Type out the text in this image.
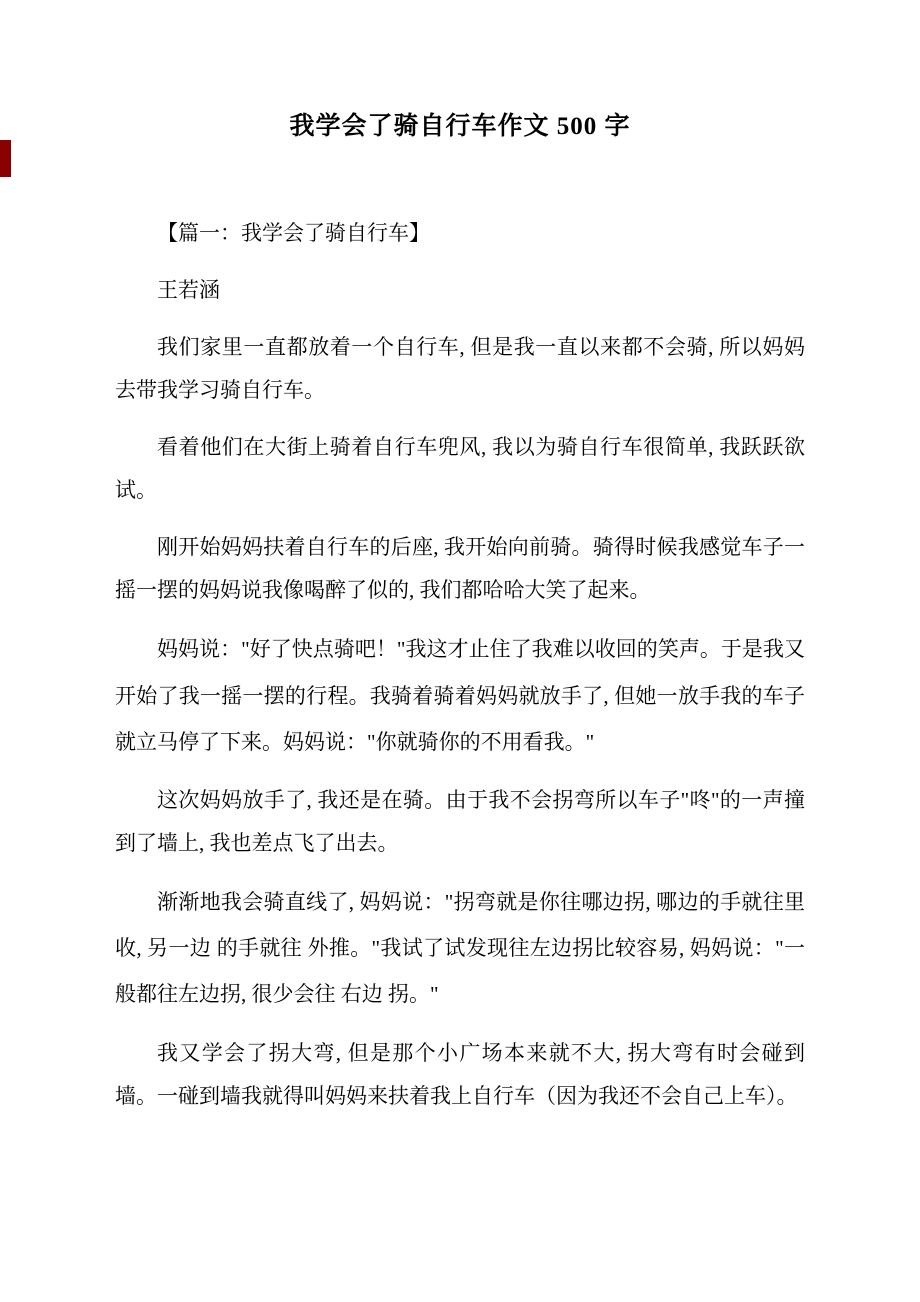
我学会了骑自行车作文 500 字

【篇一：我学会了骑自行车】

王若涵

我们家里一直都放着一个自行车, 但是我一直以来都不会骑, 所以妈妈去带我学习骑自行车。

看着他们在大街上骑着自行车兜风, 我以为骑自行车很简单, 我跃跃欲试。

刚开始妈妈扶着自行车的后座, 我开始向前骑。骑得时候我感觉车子一摇一摆的妈妈说我像喝醉了似的, 我们都哈哈大笑了起来。

妈妈说："好了快点骑吧！"我这才止住了我难以收回的笑声。于是我又开始了我一摇一摆的行程。我骑着骑着妈妈就放手了, 但她一放手我的车子就立马停了下来。妈妈说："你就骑你的不用看我。"

这次妈妈放手了, 我还是在骑。由于我不会拐弯所以车子"咚"的一声撞到了墙上, 我也差点飞了出去。

渐渐地我会骑直线了, 妈妈说："拐弯就是你往哪边拐, 哪边的手就往里收, 另一边 的手就往 外推。"我试了试发现往左边拐比较容易, 妈妈说："一般都往左边拐, 很少会往 右边 拐。"

我又学会了拐大弯, 但是那个小广场本来就不大, 拐大弯有时会碰到墙。一碰到墙我就得叫妈妈来扶着我上自行车（因为我还不会自己上车）。
